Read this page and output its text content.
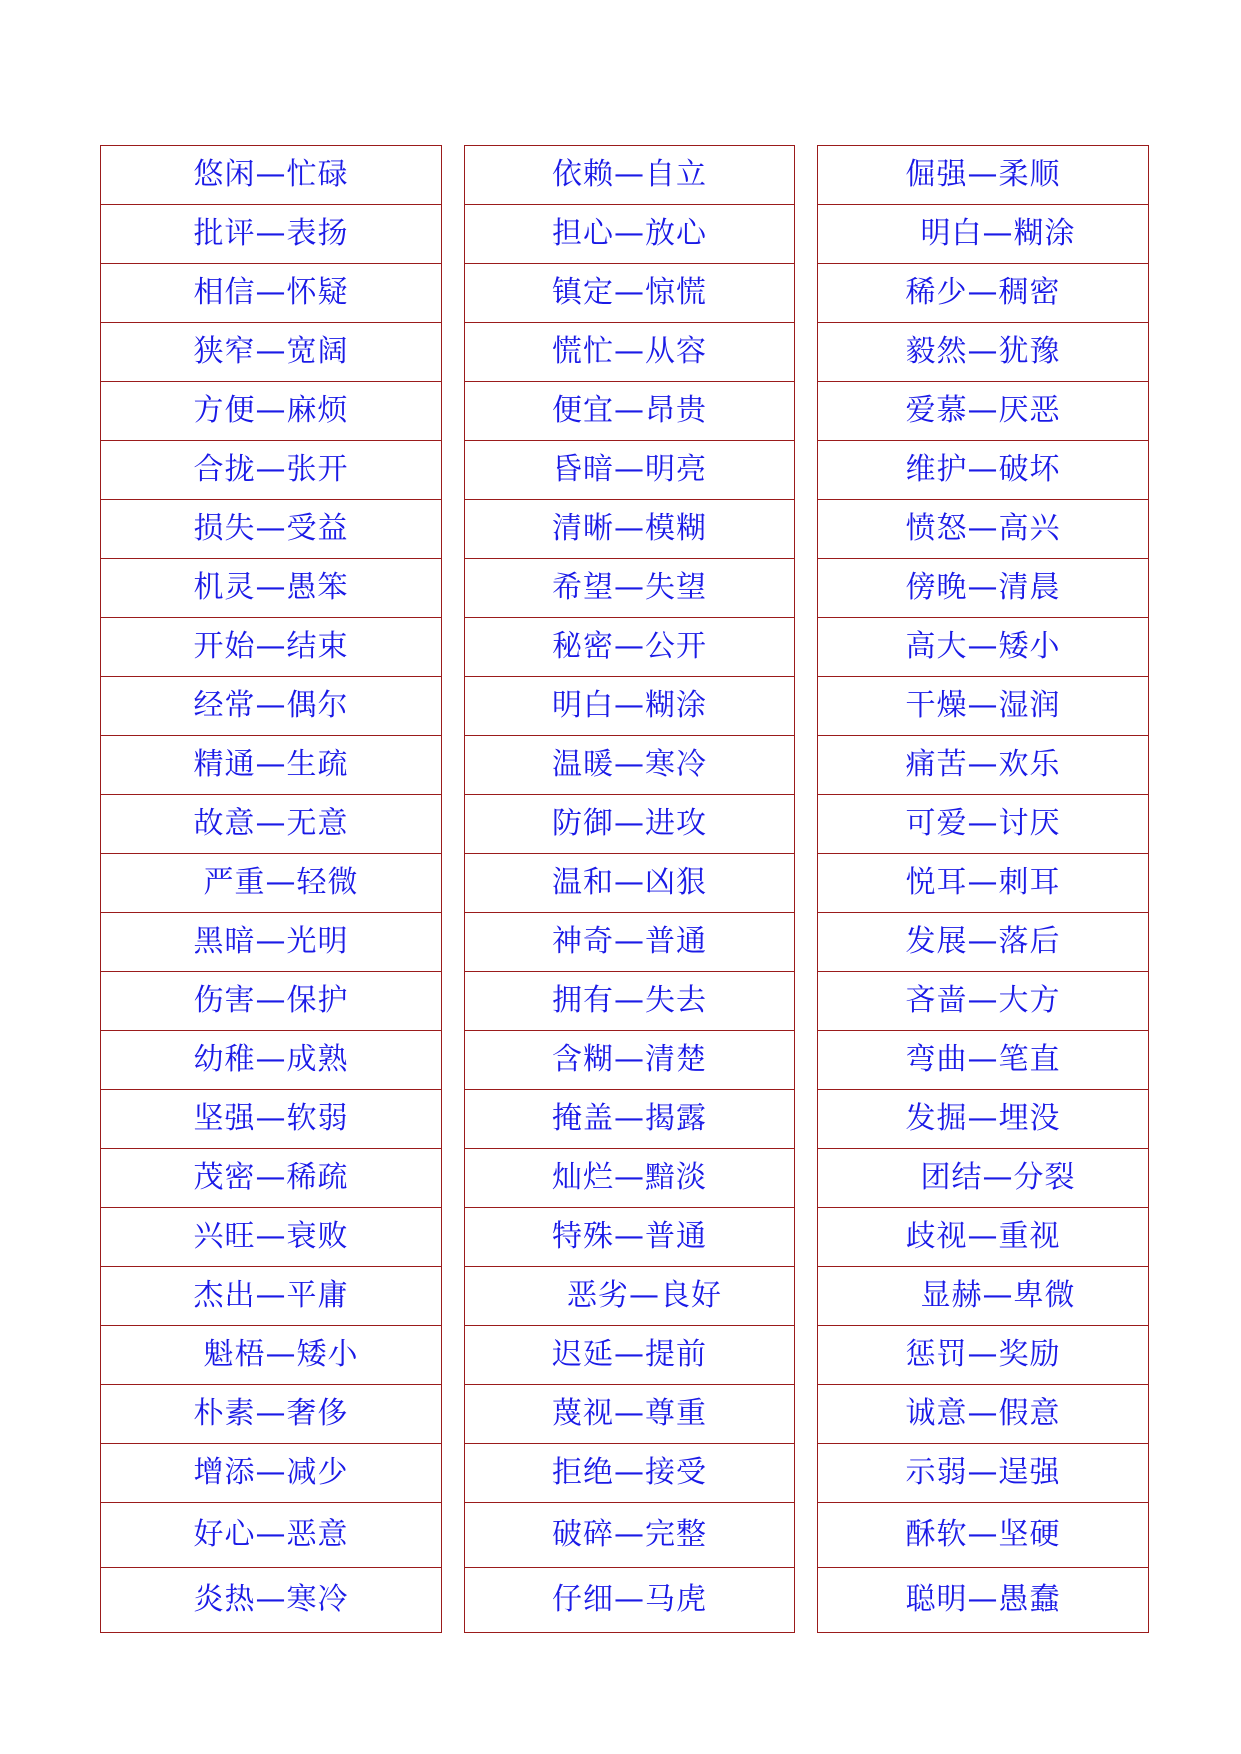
悠闲—忙碌		依赖—自立		倔强—柔顺
批评—表扬		担心—放心		明白—糊涂
相信—怀疑		镇定—惊慌		稀少—稠密
狭窄—宽阔		慌忙—从容		毅然—犹豫
方便—麻烦		便宜—昂贵		爱慕—厌恶
合拢—张开		昏暗—明亮		维护—破坏
损失—受益		清晰—模糊		愤怒—高兴
机灵—愚笨		希望—失望		傍晚—清晨
开始—结束		秘密—公开		高大—矮小
经常—偶尔		明白—糊涂		干燥—湿润
精通—生疏		温暖—寒冷		痛苦—欢乐
故意—无意		防御—进攻		可爱—讨厌
严重—轻微		温和—凶狠		悦耳—刺耳
黑暗—光明		神奇—普通		发展—落后
伤害—保护		拥有—失去		吝啬—大方
幼稚—成熟		含糊—清楚		弯曲—笔直
坚强—软弱		掩盖—揭露		发掘—埋没
茂密—稀疏		灿烂—黯淡		团结—分裂
兴旺—衰败		特殊—普通		歧视—重视
杰出—平庸		恶劣—良好		显赫—卑微
魁梧—矮小		迟延—提前		惩罚—奖励
朴素—奢侈		蔑视—尊重		诚意—假意
增添—减少		拒绝—接受		示弱—逞强
好心—恶意		破碎—完整		酥软—坚硬
炎热—寒冷		仔细—马虎		聪明—愚蠢
